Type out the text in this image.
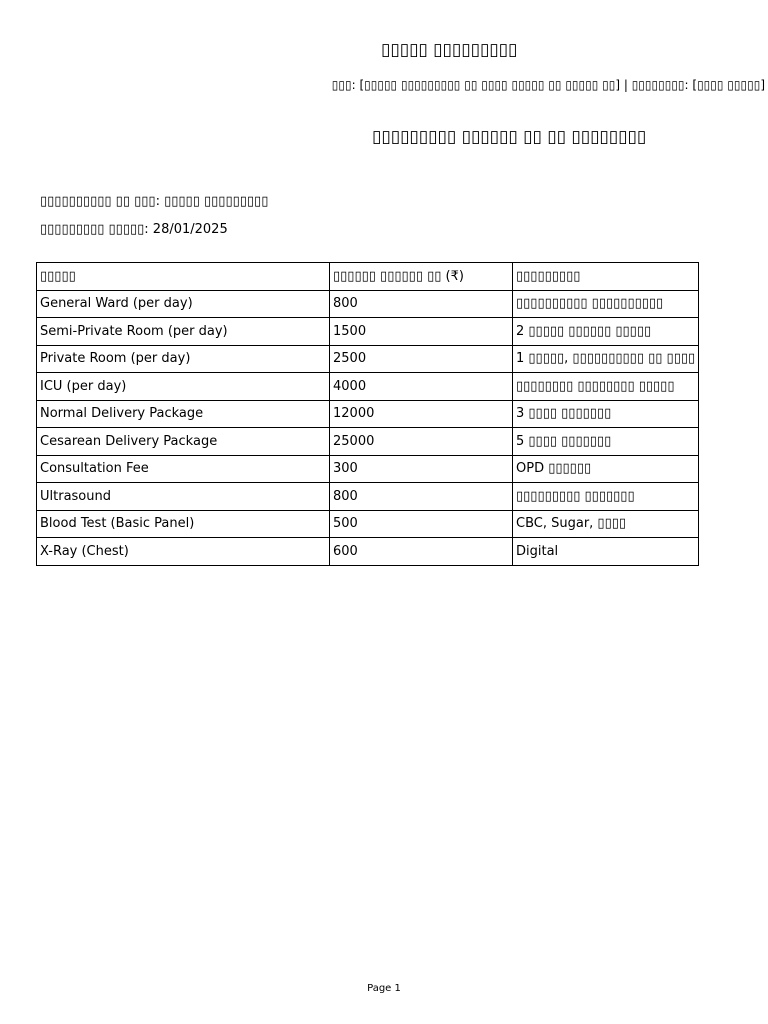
▯▯▯▯▯ ▯▯▯▯▯▯▯▯▯
▯▯▯: [▯▯▯▯▯ ▯▯▯▯▯▯▯▯▯ ▯▯ ▯▯▯▯ ▯▯▯▯▯ ▯▯ ▯▯▯▯▯ ▯▯] | ▯▯▯▯▯▯▯▯: [▯▯▯▯ ▯▯▯▯▯]
▯▯▯▯▯▯▯▯▯ ▯▯▯▯▯▯ ▯▯ ▯▯ ▯▯▯▯▯▯▯▯
▯▯▯▯▯▯▯▯▯▯ ▯▯ ▯▯▯: ▯▯▯▯▯ ▯▯▯▯▯▯▯▯▯
▯▯▯▯▯▯▯▯▯ ▯▯▯▯▯: 28/01/2025
▯▯▯▯▯	▯▯▯▯▯▯ ▯▯▯▯▯▯ ▯▯ (₹)	▯▯▯▯▯▯▯▯▯
General Ward (per day)	800	▯▯▯▯▯▯▯▯▯▯ ▯▯▯▯▯▯▯▯▯▯
Semi-Private Room (per day)	1500	2 ▯▯▯▯▯ ▯▯▯▯▯▯ ▯▯▯▯▯
Private Room (per day)	2500	1 ▯▯▯▯▯, ▯▯▯▯▯▯▯▯▯▯ ▯▯ ▯▯▯▯
ICU (per day)	4000	▯▯▯▯▯▯▯▯ ▯▯▯▯▯▯▯▯ ▯▯▯▯▯
Normal Delivery Package	12000	3 ▯▯▯▯ ▯▯▯▯▯▯▯
Cesarean Delivery Package	25000	5 ▯▯▯▯ ▯▯▯▯▯▯▯
Consultation Fee	300	OPD ▯▯▯▯▯▯
Ultrasound	800	▯▯▯▯▯▯▯▯▯ ▯▯▯▯▯▯▯
Blood Test (Basic Panel)	500	CBC, Sugar, ▯▯▯▯
X-Ray (Chest)	600	Digital
Page 1
